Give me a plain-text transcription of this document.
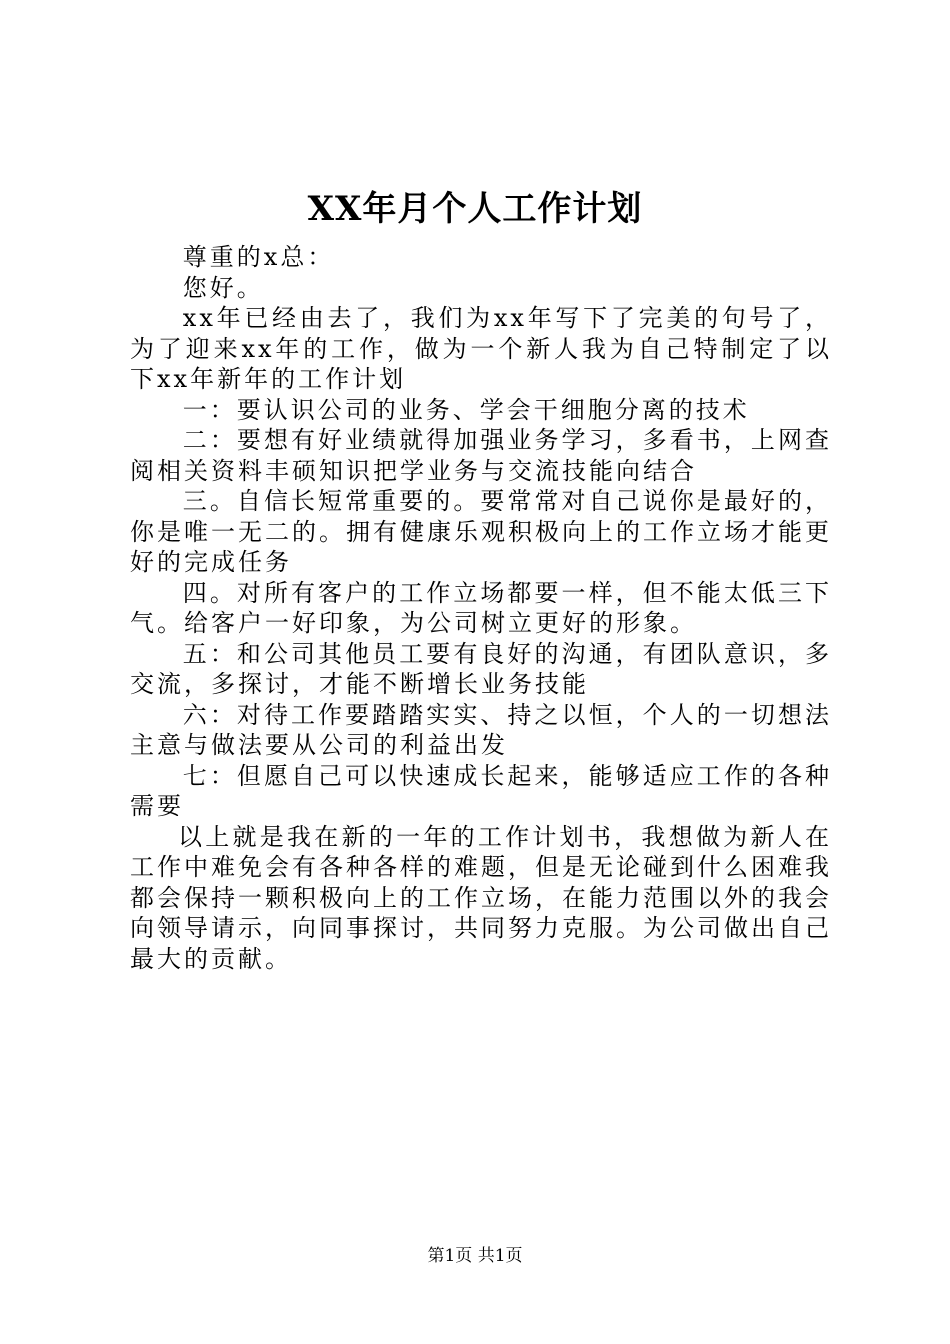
XX年月个人工作计划

尊重的x总：

您好。

xx年已经由去了，我们为xx年写下了完美的句号了，为了迎来xx年的工作，做为一个新人我为自己特制定了以下xx年新年的工作计划

一：要认识公司的业务、学会干细胞分离的技术

二：要想有好业绩就得加强业务学习，多看书，上网查阅相关资料丰硕知识把学业务与交流技能向结合

三。自信长短常重要的。要常常对自己说你是最好的，你是唯一无二的。拥有健康乐观积极向上的工作立场才能更好的完成任务

四。对所有客户的工作立场都要一样，但不能太低三下气。给客户一好印象，为公司树立更好的形象。

五：和公司其他员工要有良好的沟通，有团队意识，多交流，多探讨，才能不断增长业务技能

六：对待工作要踏踏实实、持之以恒，个人的一切想法主意与做法要从公司的利益出发

七：但愿自己可以快速成长起来，能够适应工作的各种需要

以上就是我在新的一年的工作计划书，我想做为新人在工作中难免会有各种各样的难题，但是无论碰到什么困难我都会保持一颗积极向上的工作立场，在能力范围以外的我会向领导请示，向同事探讨，共同努力克服。为公司做出自己最大的贡献。

第1页 共1页
